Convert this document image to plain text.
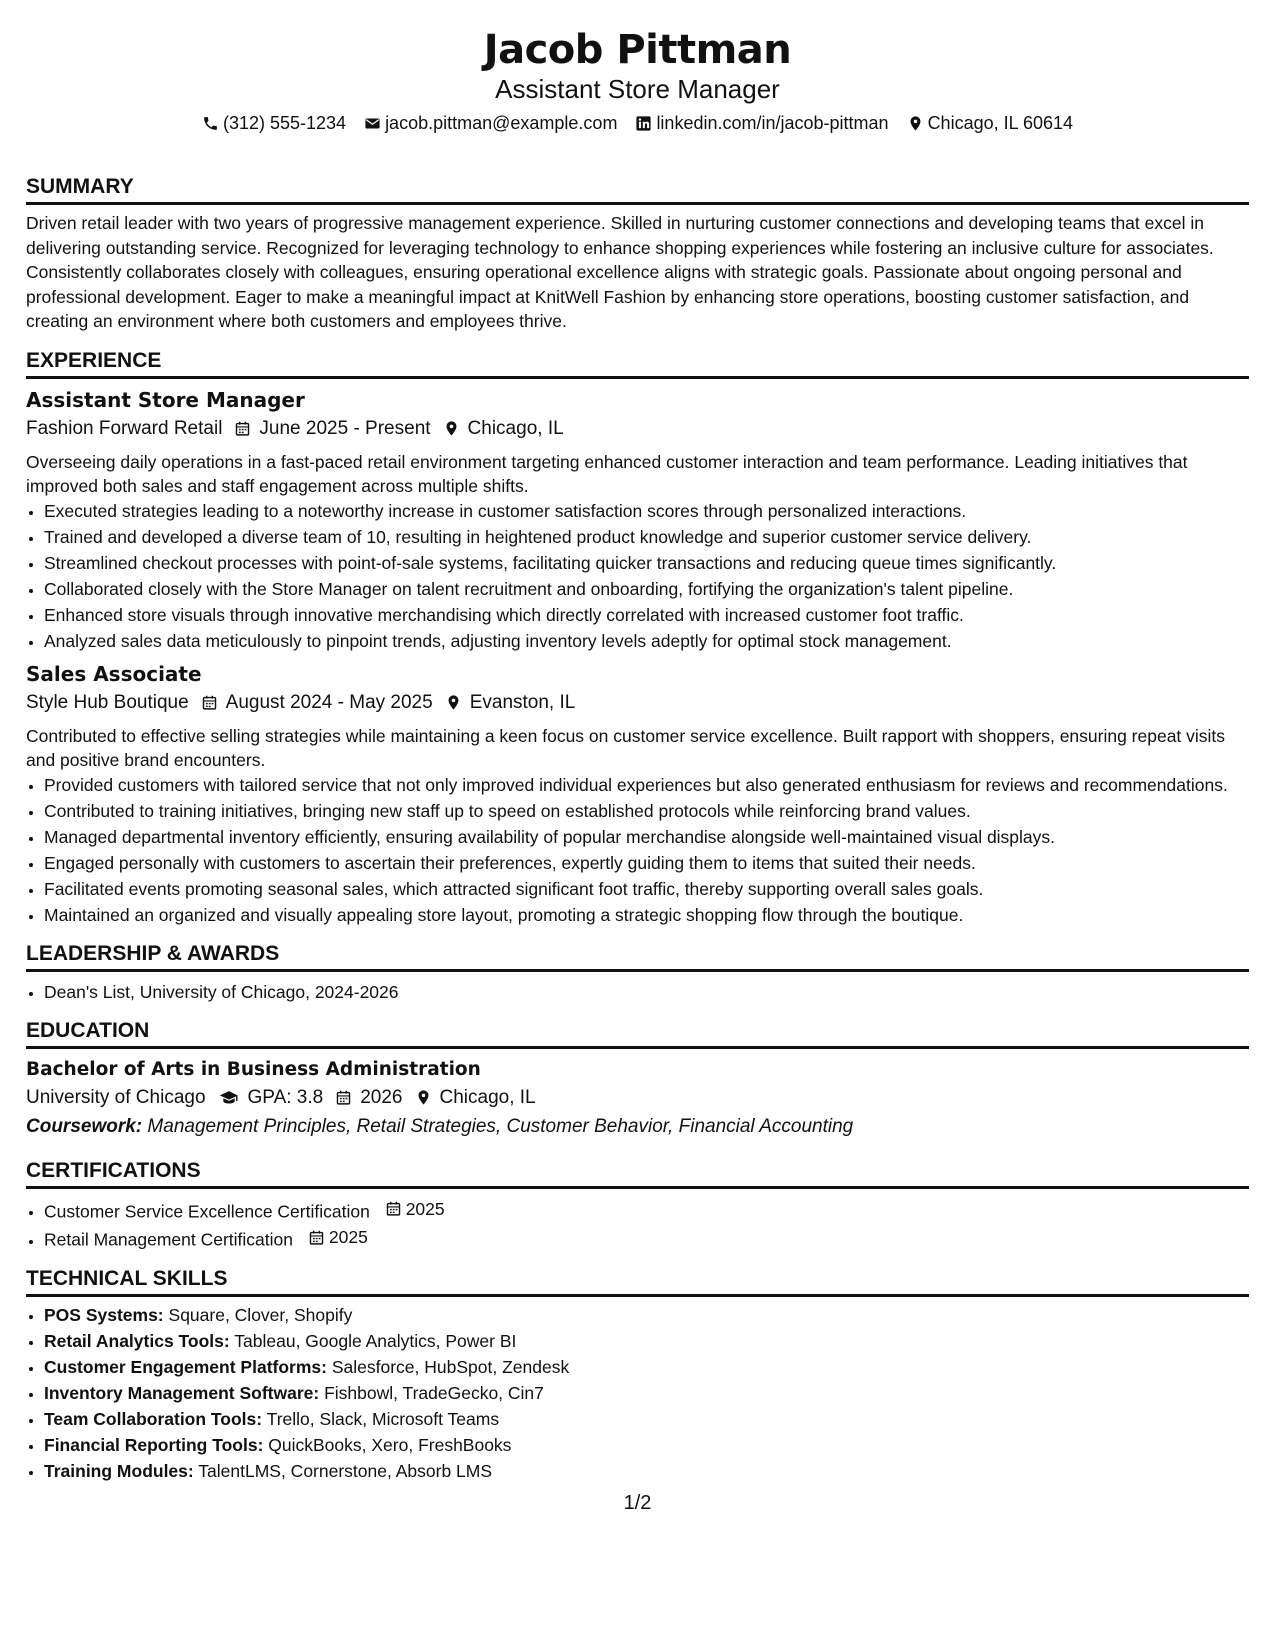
Jacob Pittman
Assistant Store Manager
(312) 555-1234 jacob.pittman@example.com linkedin.com/in/jacob-pittman Chicago, IL 60614
SUMMARY

Driven retail leader with two years of progressive management experience. Skilled in nurturing customer connections and developing teams that excel in delivering outstanding service. Recognized for leveraging technology to enhance shopping experiences while fostering an inclusive culture for associates. Consistently collaborates closely with colleagues, ensuring operational excellence aligns with strategic goals. Passionate about ongoing personal and professional development. Eager to make a meaningful impact at KnitWell Fashion by enhancing store operations, boosting customer satisfaction, and creating an environment where both customers and employees thrive.

EXPERIENCE
Assistant Store Manager
Fashion Forward Retail June 2025 - Present Chicago, IL

Overseeing daily operations in a fast-paced retail environment targeting enhanced customer interaction and team performance. Leading initiatives that improved both sales and staff engagement across multiple shifts.

• Executed strategies leading to a noteworthy increase in customer satisfaction scores through personalized interactions.
• Trained and developed a diverse team of 10, resulting in heightened product knowledge and superior customer service delivery.
• Streamlined checkout processes with point-of-sale systems, facilitating quicker transactions and reducing queue times significantly.
• Collaborated closely with the Store Manager on talent recruitment and onboarding, fortifying the organization's talent pipeline.
• Enhanced store visuals through innovative merchandising which directly correlated with increased customer foot traffic.
• Analyzed sales data meticulously to pinpoint trends, adjusting inventory levels adeptly for optimal stock management.
Sales Associate
Style Hub Boutique August 2024 - May 2025 Evanston, IL

Contributed to effective selling strategies while maintaining a keen focus on customer service excellence. Built rapport with shoppers, ensuring repeat visits and positive brand encounters.

• Provided customers with tailored service that not only improved individual experiences but also generated enthusiasm for reviews and recommendations.
• Contributed to training initiatives, bringing new staff up to speed on established protocols while reinforcing brand values.
• Managed departmental inventory efficiently, ensuring availability of popular merchandise alongside well-maintained visual displays.
• Engaged personally with customers to ascertain their preferences, expertly guiding them to items that suited their needs.
• Facilitated events promoting seasonal sales, which attracted significant foot traffic, thereby supporting overall sales goals.
• Maintained an organized and visually appealing store layout, promoting a strategic shopping flow through the boutique.
LEADERSHIP & AWARDS
• Dean's List, University of Chicago, 2024-2026
EDUCATION
Bachelor of Arts in Business Administration
University of Chicago GPA: 3.8 2026 Chicago, IL
Coursework: Management Principles, Retail Strategies, Customer Behavior, Financial Accounting
CERTIFICATIONS
• Customer Service Excellence Certification 2025
• Retail Management Certification 2025
TECHNICAL SKILLS
• POS Systems: Square, Clover, Shopify
• Retail Analytics Tools: Tableau, Google Analytics, Power BI
• Customer Engagement Platforms: Salesforce, HubSpot, Zendesk
• Inventory Management Software: Fishbowl, TradeGecko, Cin7
• Team Collaboration Tools: Trello, Slack, Microsoft Teams
• Financial Reporting Tools: QuickBooks, Xero, FreshBooks
• Training Modules: TalentLMS, Cornerstone, Absorb LMS
1/2
